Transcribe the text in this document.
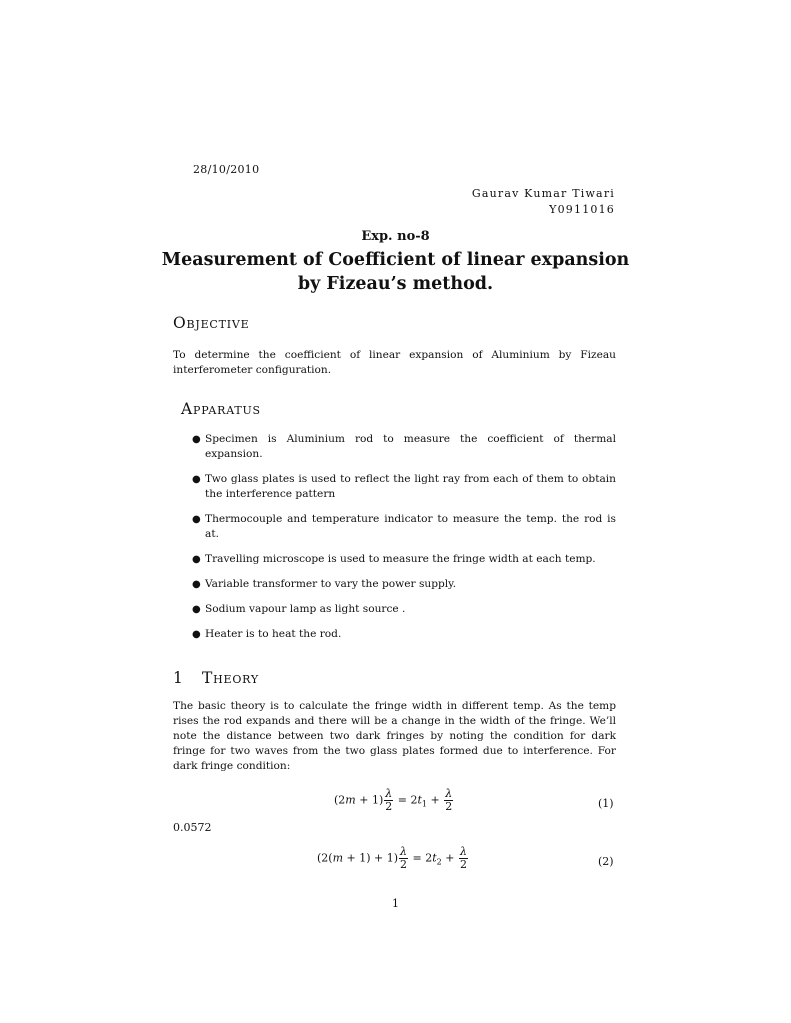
28/10/2010
Gaurav Kumar Tiwari
Y0911016
Exp. no-8
Measurement of Coefficient of linear expansion
by Fizeau’s method.
Objective
To determine the coefficient of linear expansion of Aluminium by Fizeau interferometer configuration.
Apparatus
● Specimen is Aluminium rod to measure the coefficient of thermal expansion.
● Two glass plates is used to reflect the light ray from each of them to obtain the interference pattern
● Thermocouple and temperature indicator to measure the temp. the rod is at.
● Travelling microscope is used to measure the fringe width at each temp.
● Variable transformer to vary the power supply.
● Sodium vapour lamp as light source .
● Heater is to heat the rod.
1 Theory
The basic theory is to calculate the fringe width in different temp. As the temp rises the rod expands and there will be a change in the width of the fringe. We’ll note the distance between two dark fringes by noting the condition for dark fringe for two waves from the two glass plates formed due to interference. For dark fringe condition:
$(2m + 1) \frac{\lambda}{2} = 2t_1 + \frac{\lambda}{2}$	(1)
0.0572
$(2(m + 1) + 1) \frac{\lambda}{2} = 2t_2 + \frac{\lambda}{2}$	(2)
1
